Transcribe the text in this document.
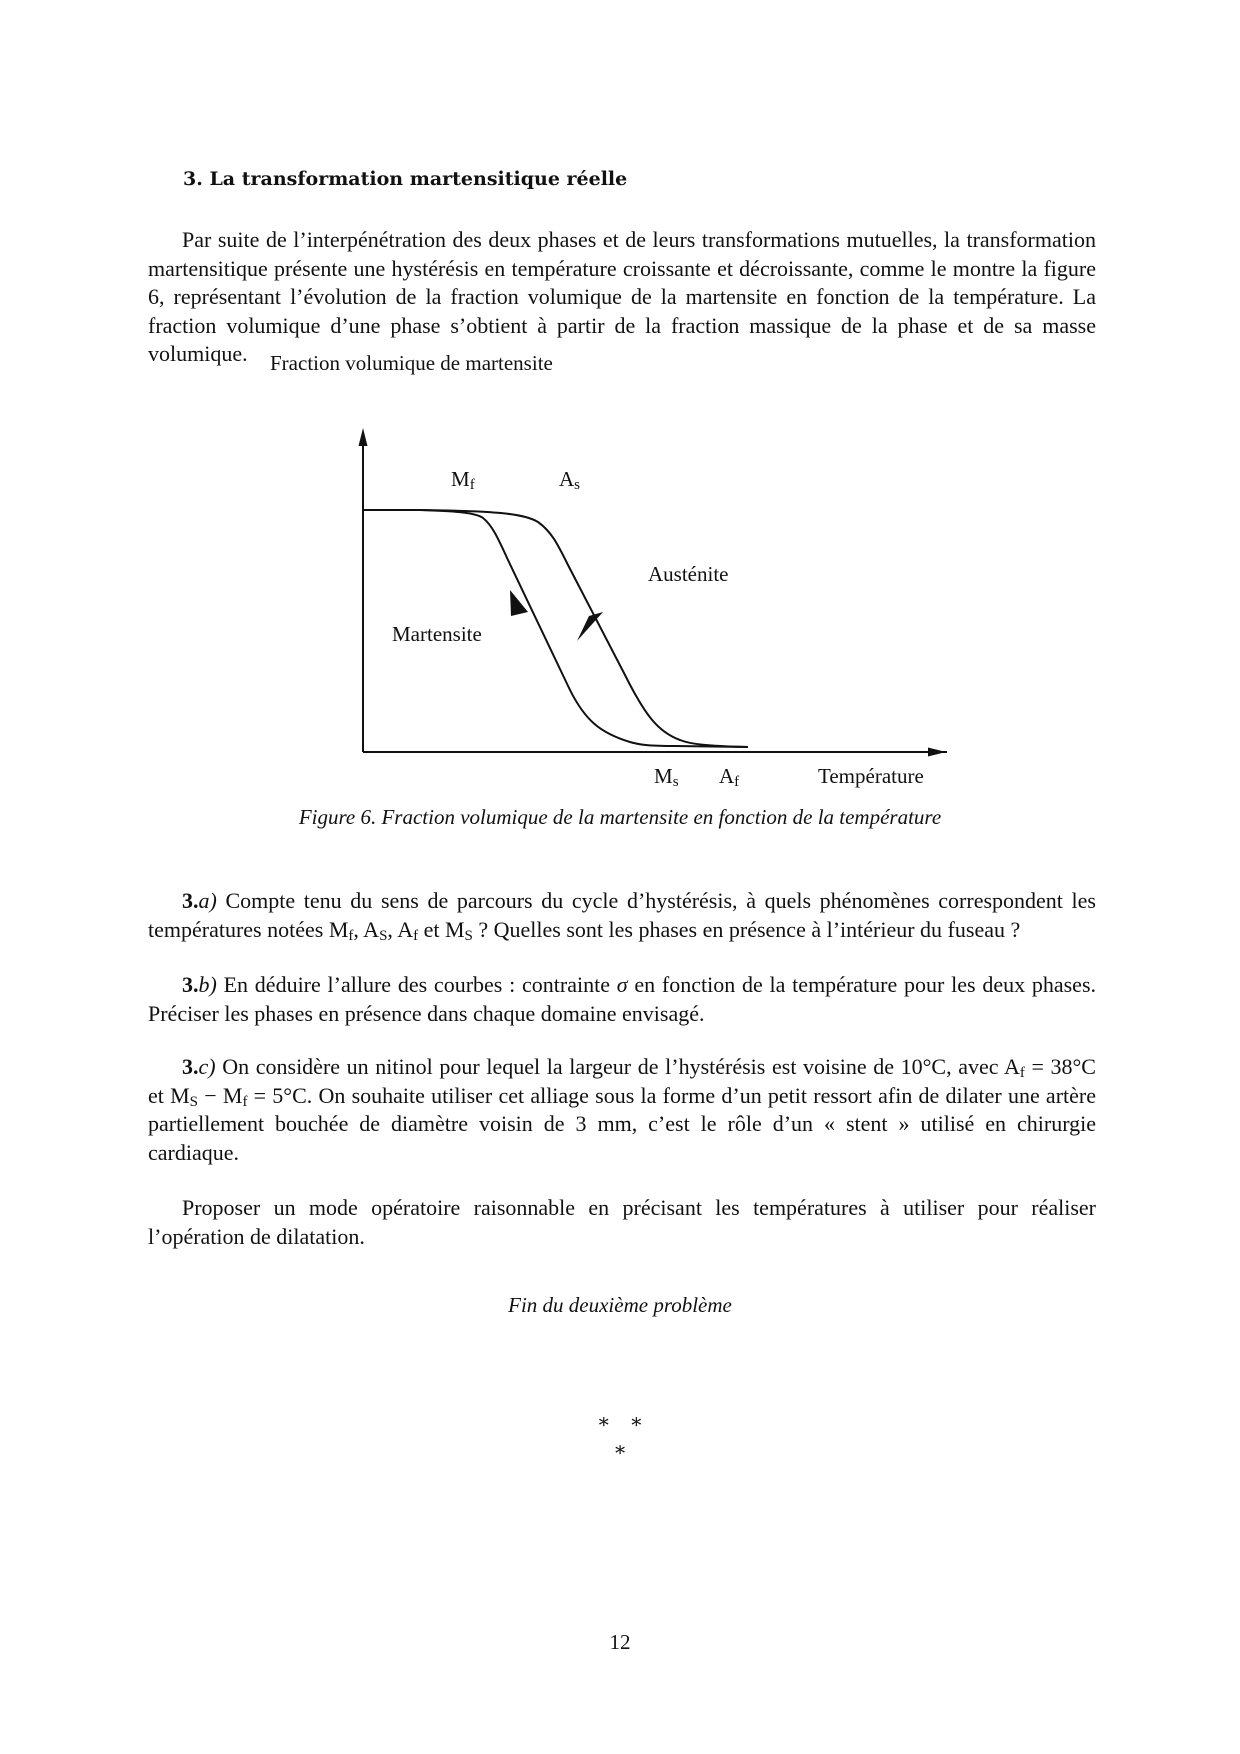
3. La transformation martensitique réelle

Par suite de l’interpénétration des deux phases et de leurs transformations mutuelles, la transformation martensitique présente une hystérésis en température croissante et décroissante, comme le montre la figure 6, représentant l’évolution de la fraction volumique de la martensite en fonction de la température. La fraction volumique d’une phase s’obtient à partir de la fraction massique de la phase et de sa masse volumique.	Fraction volumique de martensite
Température
$M_f$	$A_s$
Austénite
Martensite
$M_s$ $A_f$
Figure 6. Fraction volumique de la martensite en fonction de la température

3.a) Compte tenu du sens de parcours du cycle d’hystérésis, à quels phénomènes correspondent les températures notées $M_f$, $A_S$, $A_f$ et $M_S$ ? Quelles sont les phases en présence à l’intérieur du fuseau ?

3.b) En déduire l’allure des courbes : contrainte σ en fonction de la température pour les deux phases. Préciser les phases en présence dans chaque domaine envisagé.

3.c) On considère un nitinol pour lequel la largeur de l’hystérésis est voisine de 10°C, avec $A_f = 38^\circ C$ et $M_S - M_f = 5^\circ C$. On souhaite utiliser cet alliage sous la forme d’un petit ressort afin de dilater une artère partiellement bouchée de diamètre voisin de 3 mm, c’est le rôle d’un « stent » utilisé en chirurgie cardiaque.

Proposer un mode opératoire raisonnable en précisant les températures à utiliser pour réaliser l’opération de dilatation.

Fin du deuxième problème
∗   ∗
∗
12
